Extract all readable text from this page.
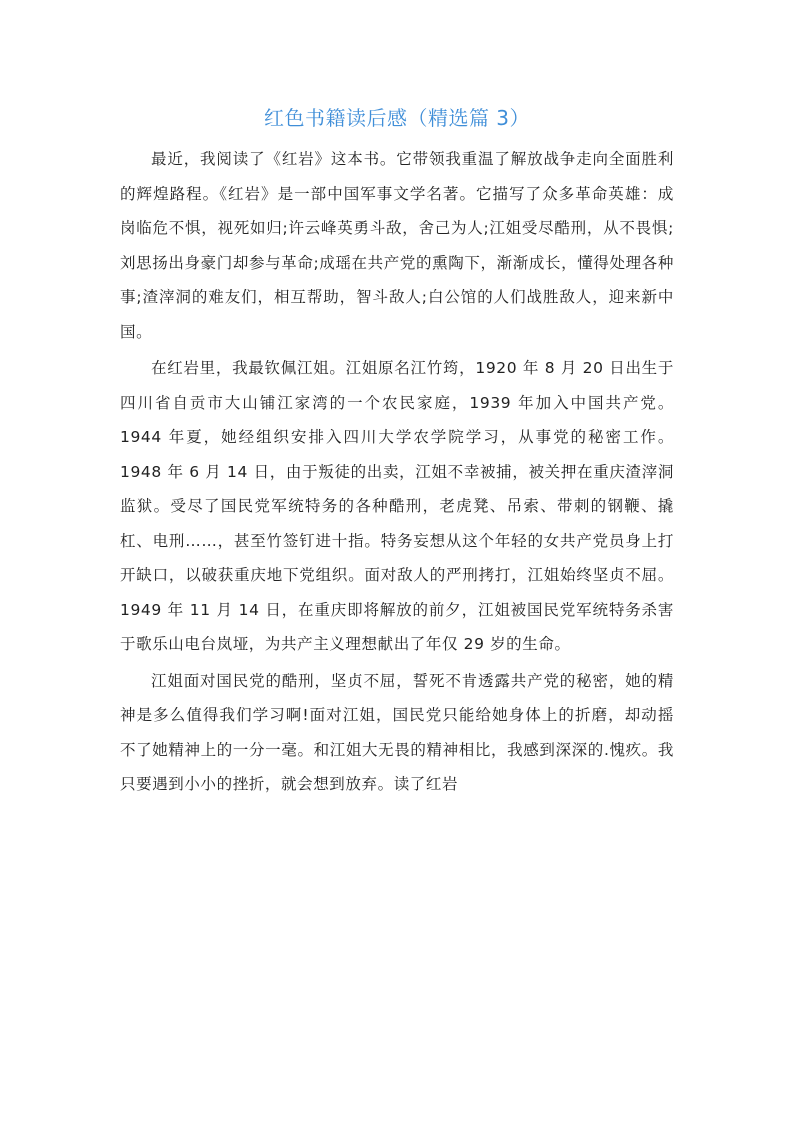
红色书籍读后感（精选篇 3）

最近，我阅读了《红岩》这本书。它带领我重温了解放战争走向全面胜利的辉煌路程。《红岩》是一部中国军事文学名著。它描写了众多革命英雄：成岗临危不惧，视死如归;许云峰英勇斗敌，舍己为人;江姐受尽酷刑，从不畏惧;刘思扬出身豪门却参与革命;成瑶在共产党的熏陶下，渐渐成长，懂得处理各种事;渣滓洞的难友们，相互帮助，智斗敌人;白公馆的人们战胜敌人，迎来新中国。

在红岩里，我最钦佩江姐。江姐原名江竹筠，1920 年 8 月 20 日出生于四川省自贡市大山铺江家湾的一个农民家庭，1939 年加入中国共产党。1944 年夏，她经组织安排入四川大学农学院学习，从事党的秘密工作。1948 年 6 月 14 日，由于叛徒的出卖，江姐不幸被捕，被关押在重庆渣滓洞监狱。受尽了国民党军统特务的各种酷刑，老虎凳、吊索、带刺的钢鞭、撬杠、电刑……，甚至竹签钉进十指。特务妄想从这个年轻的女共产党员身上打开缺口，以破获重庆地下党组织。面对敌人的严刑拷打，江姐始终坚贞不屈。1949 年 11 月 14 日，在重庆即将解放的前夕，江姐被国民党军统特务杀害于歌乐山电台岚垭，为共产主义理想献出了年仅 29 岁的生命。

江姐面对国民党的酷刑，坚贞不屈，誓死不肯透露共产党的秘密，她的精神是多么值得我们学习啊!面对江姐，国民党只能给她身体上的折磨，却动摇不了她精神上的一分一毫。和江姐大无畏的精神相比，我感到深深的.愧疚。我只要遇到小小的挫折，就会想到放弃。读了红岩
